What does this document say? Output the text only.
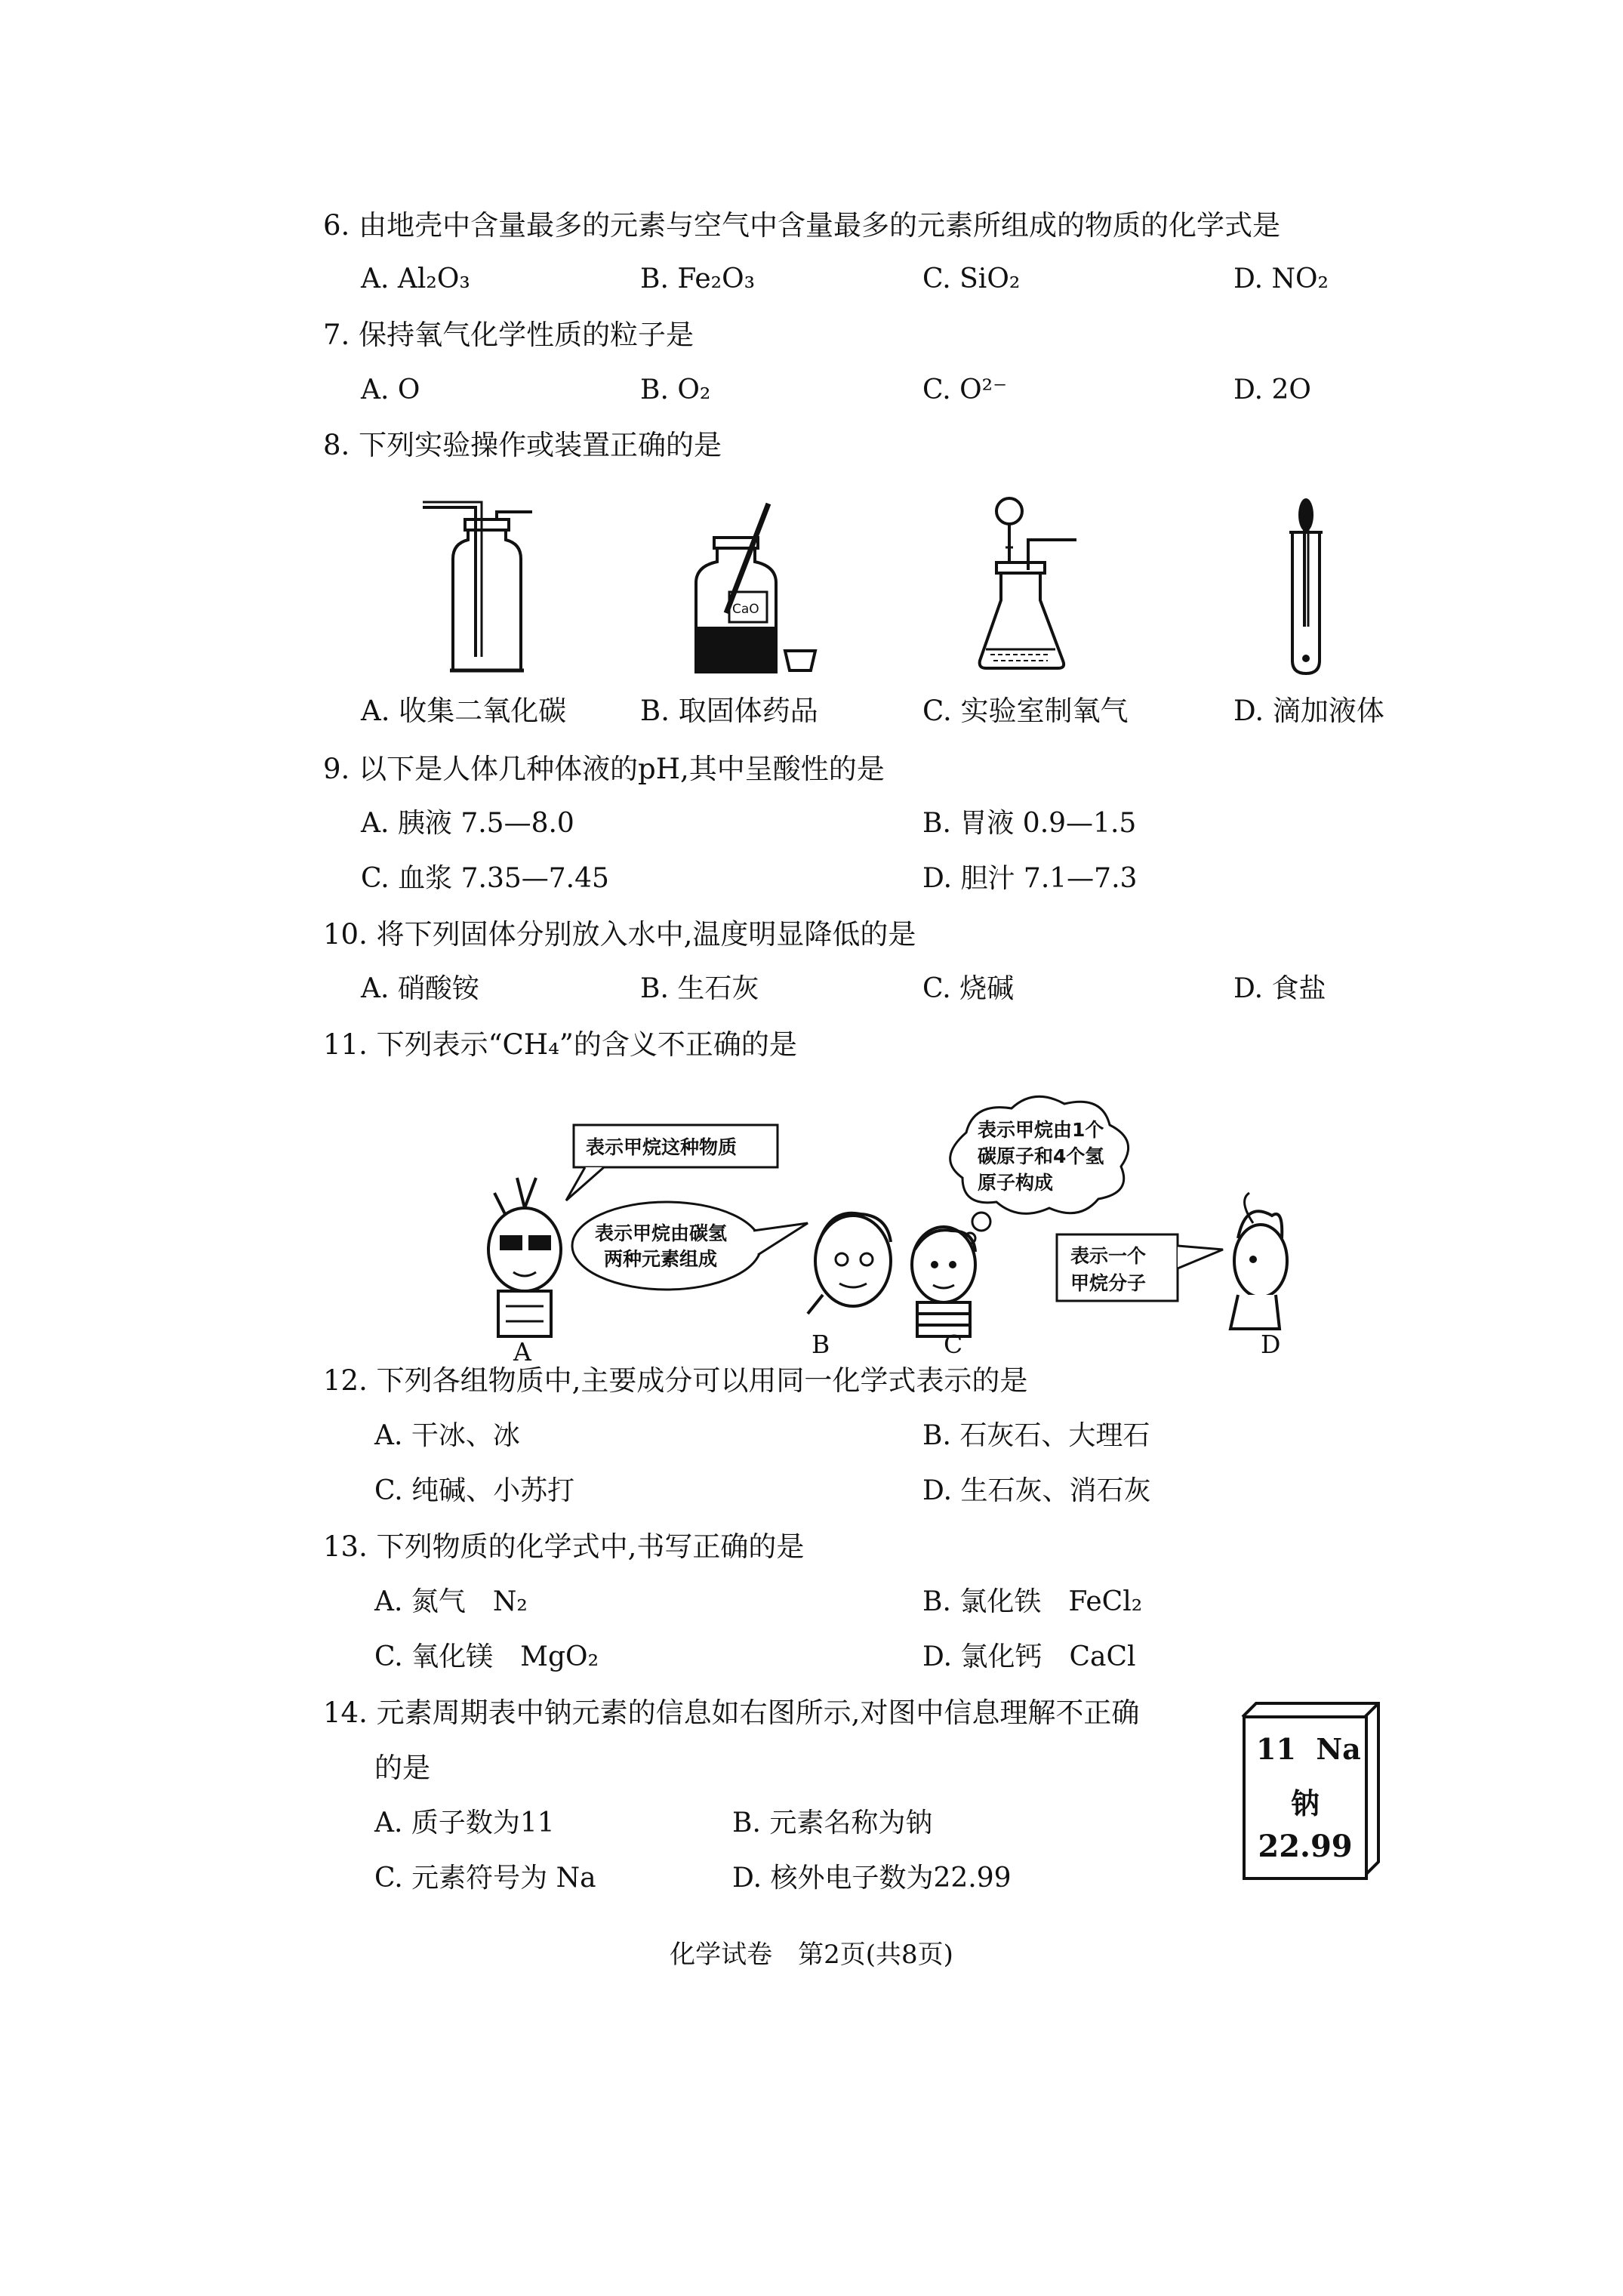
6. 由地壳中含量最多的元素与空气中含量最多的元素所组成的物质的化学式是
A. Al₂O₃	B. Fe₂O₃	C. SiO₂	D. NO₂
7. 保持氧气化学性质的粒子是
A. O	B. O₂	C. O²⁻	D. 2O
8. 下列实验操作或装置正确的是
CaO
A. 收集二氧化碳	B. 取固体药品	C. 实验室制氧气	D. 滴加液体
9. 以下是人体几种体液的pH,其中呈酸性的是
A. 胰液 7.5—8.0	B. 胃液 0.9—1.5
C. 血浆 7.35—7.45	D. 胆汁 7.1—7.3
10. 将下列固体分别放入水中,温度明显降低的是
A. 硝酸铵	B. 生石灰	C. 烧碱	D. 食盐
11. 下列表示“CH₄”的含义不正确的是
表示甲烷这种物质
表示甲烷由碳氢
两种元素组成
表示甲烷由1个
碳原子和4个氢
原子构成
表示一个
甲烷分子
A	B	C	D
12. 下列各组物质中,主要成分可以用同一化学式表示的是
A. 干冰、冰	B. 石灰石、大理石
C. 纯碱、小苏打	D. 生石灰、消石灰
13. 下列物质的化学式中,书写正确的是
A. 氮气　N₂	B. 氯化铁　FeCl₂
C. 氧化镁　MgO₂	D. 氯化钙　CaCl
14. 元素周期表中钠元素的信息如右图所示,对图中信息理解不正确
的是
A. 质子数为11	B. 元素名称为钠
C. 元素符号为 Na	D. 核外电子数为22.99
11 Na
钠
22.99
化学试卷　第2页(共8页)
